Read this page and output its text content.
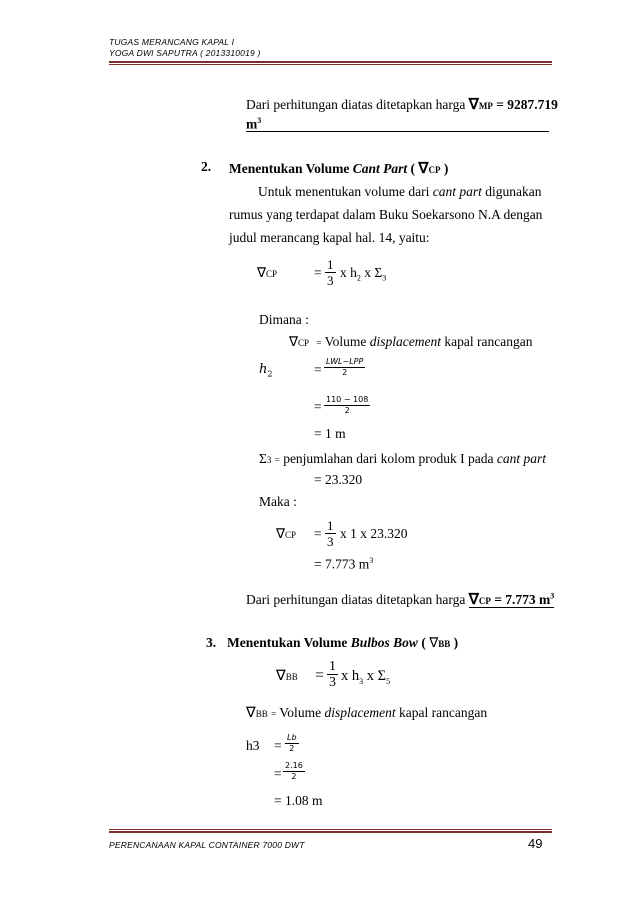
TUGAS MERANCANG KAPAL I
YOGA DWI SAPUTRA ( 2013310019 )
Dari perhitungan diatas ditetapkan harga ∇MP = 9287.719
$m^3$
2. Menentukan Volume Cant Part ( ∇CP )
Untuk menentukan volume dari cant part digunakan
rumus yang terdapat dalam Buku Soekarsono N.A dengan
judul merancang kapal hal. 14, yaitu:
∇CP	= $\frac{1}{3}$ x $h_2$ x $\Sigma_3$
Dimana :
∇CP = Volume displacement kapal rancangan
$h_2$	=
LWL−LPP
2
= $\frac{110 - 108}{2}$
= 1 m
Σ3 = penjumlahan dari kolom produk I pada cant part
= 23.320
Maka :
$\nabla CP = \frac{1}{3}$ x 1 x 23.320
= 7.773 $m^3$
Dari perhitungan diatas ditetapkan harga ∇CP = 7.773 $m^3$
3. Menentukan Volume Bulbos Bow ( ∇BB )
$\nabla BB = \frac{1}{3}$ x $h_3$ x $\Sigma_5$
∇BB = Volume displacement kapal rancangan
$h3 = \frac{Lb}{2}$
= $\frac{2.16}{2}$
= 1.08 m
PERENCANAAN KAPAL CONTAINER 7000 DWT	49
